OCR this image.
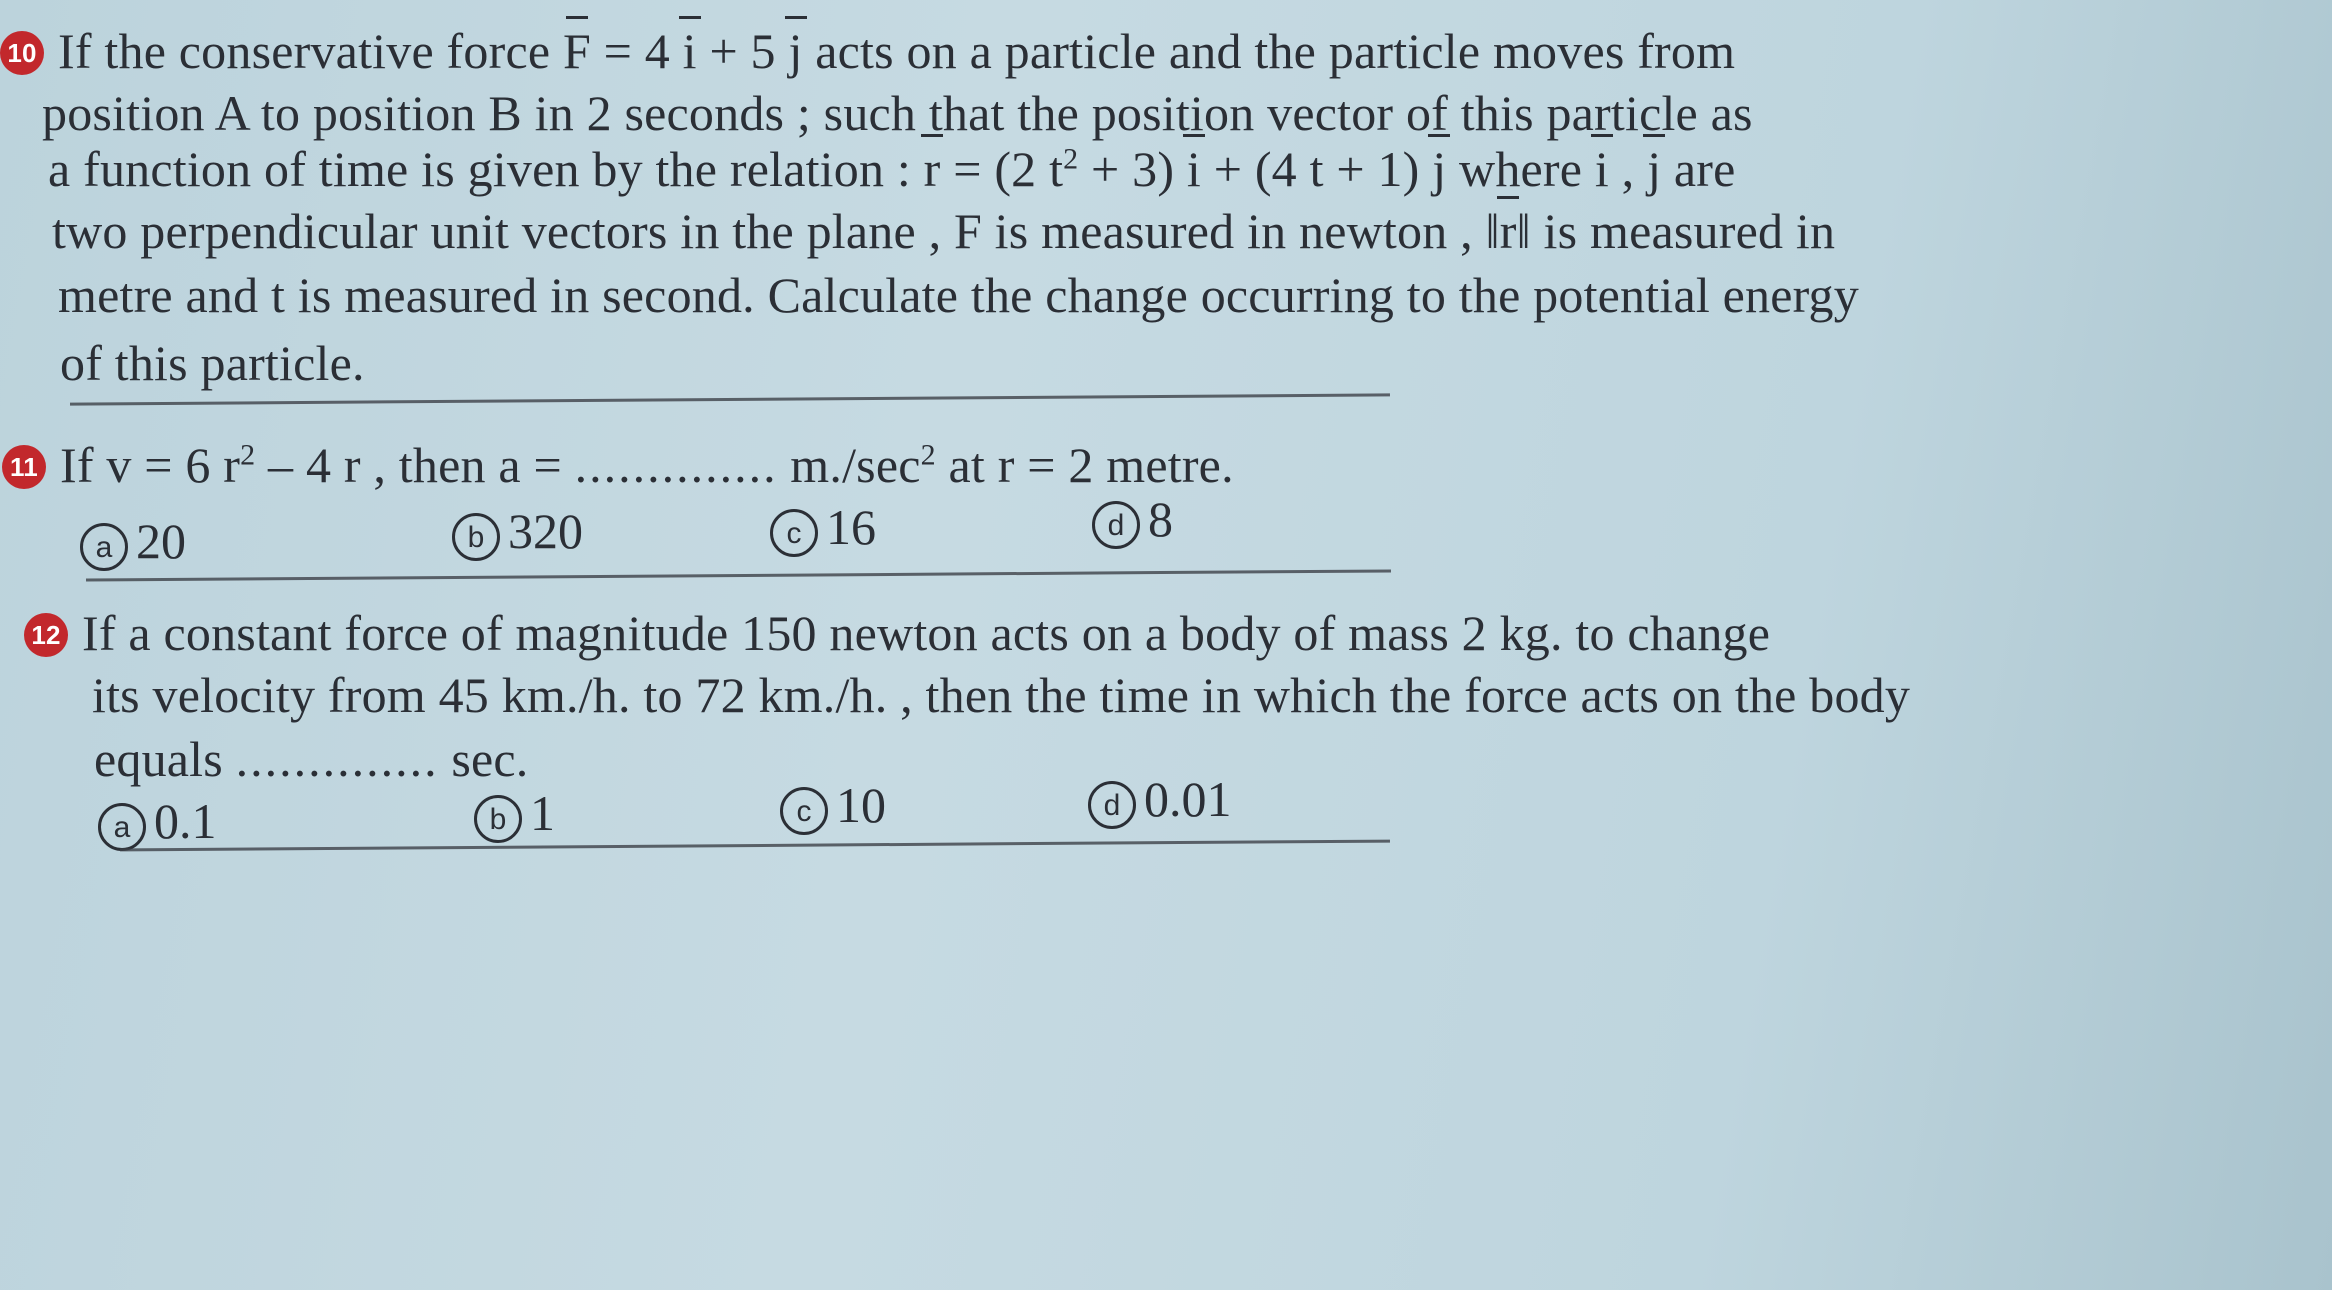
10 If the conservative force F = 4 i + 5 j acts on a particle and the particle moves from
position A to position B in 2 seconds ; such that the position vector of this particle as
a function of time is given by the relation : r = (2 $t^2 + 3$) i + (4 t + 1) j where i , j are
two perpendicular unit vectors in the plane , F is measured in newton , ‖r‖ is measured in
metre and t is measured in second. Calculate the change occurring to the potential energy
of this particle.
11 If v = 6 $r^2 - 4$ r , then a = .............. $m./\sec^2$ at r = 2 metre.
a 20	b 320	c 16	d 8
12 If a constant force of magnitude 150 newton acts on a body of mass 2 kg. to change
its velocity from 45 km./h. to 72 km./h. , then the time in which the force acts on the body
equals .............. sec.
a 0.1	b 1	c 10	d 0.01
